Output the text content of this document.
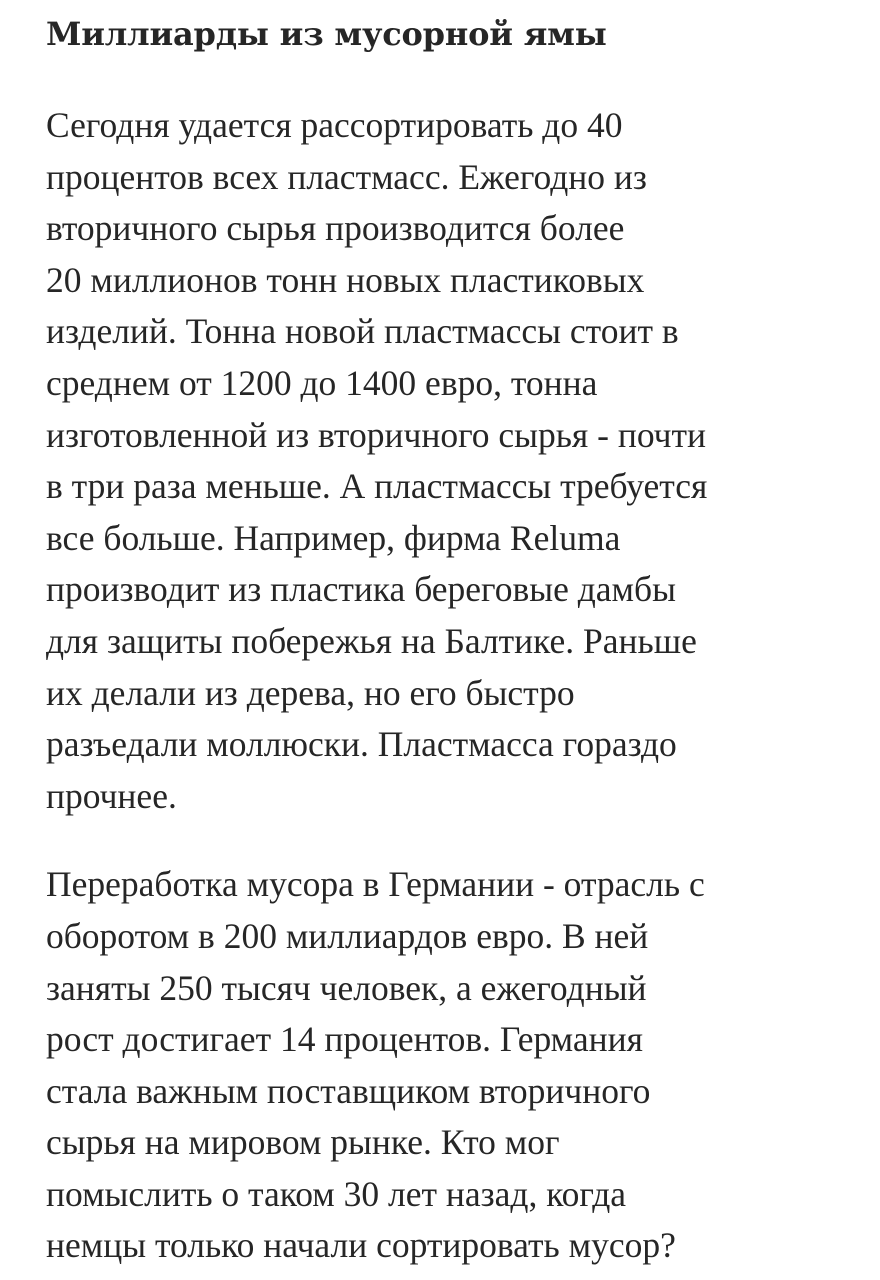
Миллиарды из мусорной ямы

Сегодня удается рассортировать до 40
процентов всех пластмасс. Ежегодно из
вторичного сырья производится более
20 миллионов тонн новых пластиковых
изделий. Тонна новой пластмассы стоит в
среднем от 1200 до 1400 евро, тонна
изготовленной из вторичного сырья - почти
в три раза меньше. А пластмассы требуется
все больше. Например, фирма Reluma
производит из пластика береговые дамбы
для защиты побережья на Балтике. Раньше
их делали из дерева, но его быстро
разъедали моллюски. Пластмасса гораздо
прочнее.

Переработка мусора в Германии - отрасль с
оборотом в 200 миллиардов евро. В ней
заняты 250 тысяч человек, а ежегодный
рост достигает 14 процентов. Германия
стала важным поставщиком вторичного
сырья на мировом рынке. Кто мог
помыслить о таком 30 лет назад, когда
немцы только начали сортировать мусор?
